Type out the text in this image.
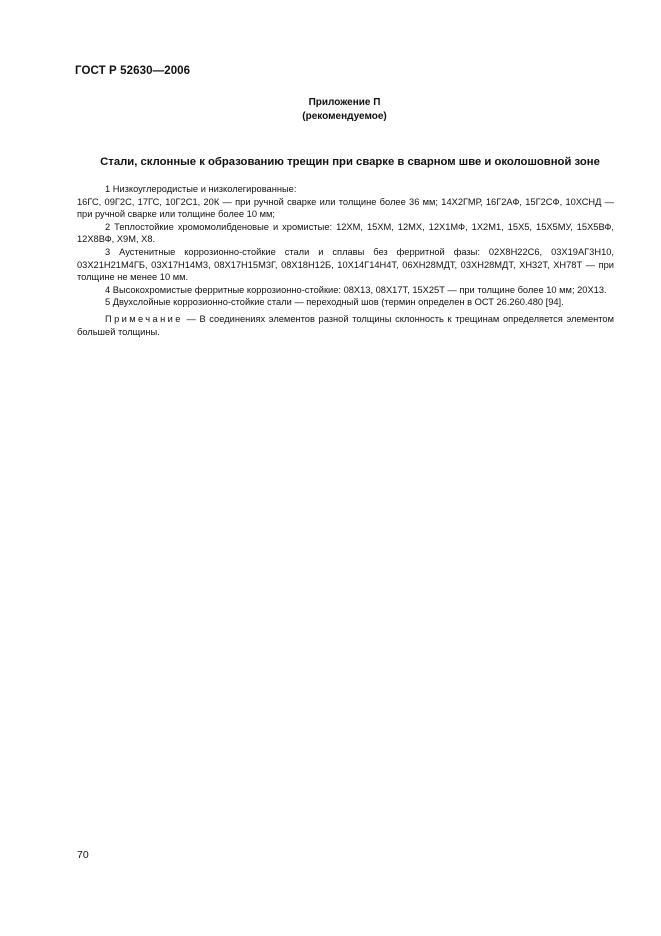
ГОСТ Р 52630—2006
Приложение П
(рекомендуемое)
Стали, склонные к образованию трещин при сварке в сварном шве и околошовной зоне

1 Низкоуглеродистые и низколегированные:

16ГС, 09Г2С, 17ГС, 10Г2С1, 20К — при ручной сварке или толщине более 36 мм; 14Х2ГМР, 16Г2АФ, 15Г2СФ, 10ХСНД — при ручной сварке или толщине более 10 мм;

2 Теплостойкие хромомолибденовые и хромистые: 12ХМ, 15ХМ, 12МХ, 12Х1МФ, 1Х2М1, 15Х5, 15Х5МУ, 15Х5ВФ, 12Х8ВФ, Х9М, Х8.

3 Аустенитные коррозионно-стойкие стали и сплавы без ферритной фазы: 02Х8Н22С6, 03Х19АГ3Н10, 03Х21Н21М4ГБ, 03Х17Н14М3, 08Х17Н15М3Г, 08Х18Н12Б, 10Х14Г14Н4Т, 06ХН28МДТ, 03ХН28МДТ, ХН32Т, ХН78Т — при толщине не менее 10 мм.

4 Высокохромистые ферритные коррозионно-стойкие: 08Х13, 08Х17Т, 15Х25Т — при толщине более 10 мм; 20Х13.

5 Двухслойные коррозионно-стойкие стали — переходный шов (термин определен в ОСТ 26.260.480 [94].

Примечание — В соединениях элементов разной толщины склонность к трещинам определяется элементом большей толщины.

70
